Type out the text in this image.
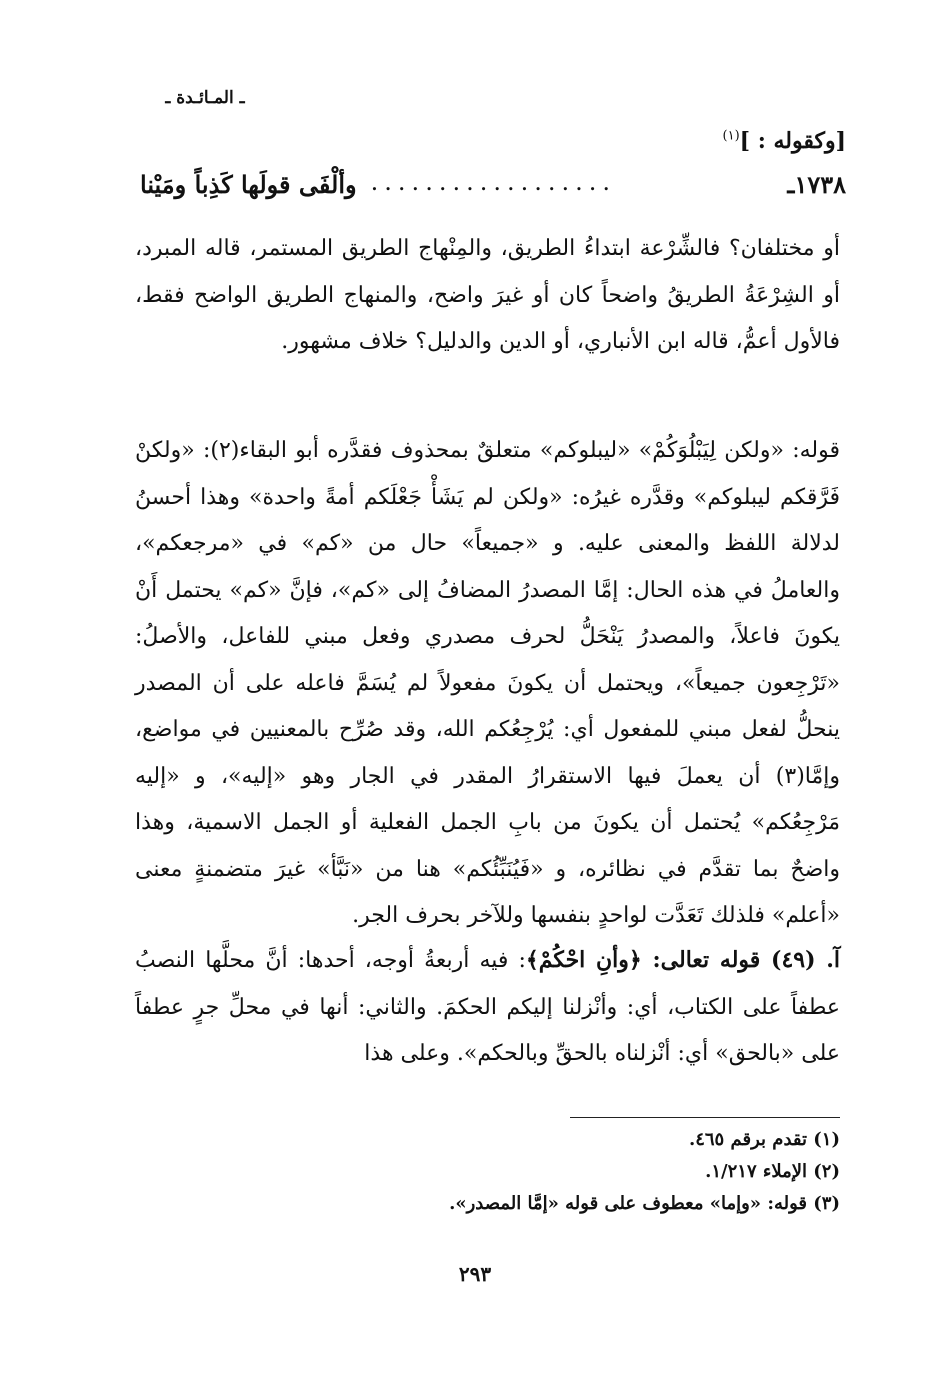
ـ المـائـدة ـ
[وكقوله : ]$^{(١)}$
١٧٣٨ـ
..................
وألْفَى قولَها كَذِباً ومَيْنا
أو مختلفان؟ فالشِّرْعة ابتداءُ الطريق، والمِنْهاج الطريق المستمر، قاله المبرد، أو الشِرْعَةُ الطريقُ واضحاً كان أو غيرَ واضح، والمنهاج الطريق الواضح فقط، فالأول أعمُّ، قاله ابن الأنباري، أو الدين والدليل؟ خلاف مشهور.
قوله: «ولكن لِيَبْلُوَكُمْ» «ليبلوكم» متعلقٌ بمحذوف فقدَّره أبو البقاء(٢): «ولكنْ فَرَّقكم ليبلوكم» وقدَّره غيرُه: «ولكن لم يَشَأْ جَعْلَكم أمةً واحدة» وهذا أحسنُ لدلالة اللفظ والمعنى عليه. و «جميعاً» حال من «كم» في «مرجعكم»، والعاملُ في هذه الحال: إمَّا المصدرُ المضافُ إلى «كم»، فإنَّ «كم» يحتمل أَنْ يكونَ فاعلاً، والمصدرُ يَنْحَلُّ لحرف مصدري وفعل مبني للفاعل، والأصلُ: «تَرْجِعون جميعاً»، ويحتمل أن يكونَ مفعولاً لم يُسَمَّ فاعله على أن المصدر ينحلُّ لفعل مبني للمفعول أي: يُرْجِعُكم الله، وقد صُرِّح بالمعنيين في مواضع، وإمَّا(٣) أن يعملَ فيها الاستقرارُ المقدر في الجار وهو «إليه»، و «إليه مَرْجِعُكم» يُحتمل أن يكونَ من بابِ الجمل الفعلية أو الجمل الاسمية، وهذا واضحٌ بما تقدَّم في نظائره، و «فَيُنَبِّئُكم» هنا من «نَبَّأ» غيرَ متضمنةٍ معنى «أعلم» فلذلك تَعَدَّت لواحدٍ بنفسها وللآخر بحرف الجر.
آ. (٤٩) قوله تعالى: ﴿وأنِ احْكُمْ﴾: فيه أربعةُ أوجه، أحدها: أنَّ محلَّها النصبُ عطفاً على الكتاب، أي: وأنْزلنا إليكم الحكمَ. والثاني: أنها في محلِّ جرٍ عطفاً على «بالحق» أي: أنْزلناه بالحقِّ وبالحكم». وعلى هذا
(١) تقدم برقم ٤٦٥.
(٢) الإملاء ١/٢١٧.
(٣) قوله: «وإما» معطوف على قوله «إمَّا المصدر».
٢٩٣
